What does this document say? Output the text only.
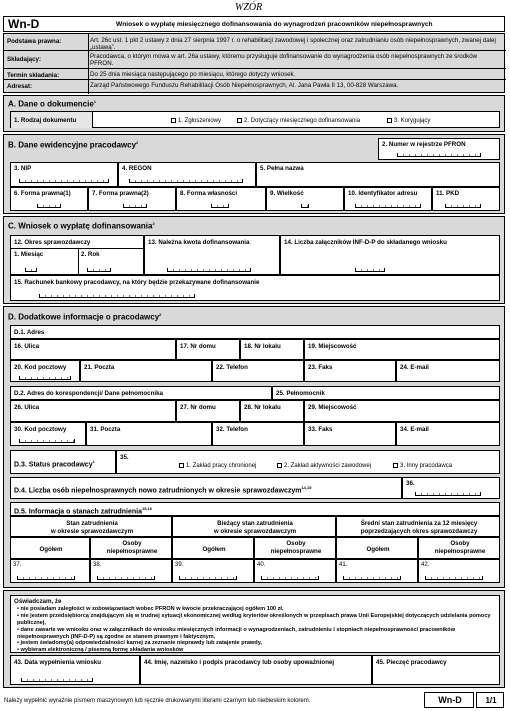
WZÓR
Wn-D	Wniosek o wypłatę miesięcznego dofinansowania do wynagrodzeń pracowników niepełnosprawnych
Podstawa prawna:	Art. 26c ust. 1 pkt 2 ustawy z dnia 27 sierpnia 1997 r. o rehabilitacji zawodowej i społecznej oraz zatrudnianiu osób niepełnosprawnych, zwanej dalej „ustawą”.
Składający:	Pracodawca, o którym mowa w art. 26a ustawy, któremu przysługuje dofinansowanie do wynagrodzenia osób niepełnosprawnych ze środków PFRON.
Termin składania:	Do 25 dnia miesiąca następującego po miesiącu, którego dotyczy wniosek.
Adresat:	Zarząd Państwowego Funduszu Rehabilitacji Osób Niepełnosprawnych, Al. Jana Pawła II 13, 00-828 Warszawa.
A. Dane o dokumencie$^1$
1. Rodzaj dokumentu	1. Zgłoszeniowy	2. Dotyczący miesięcznego dofinansowania	3. Korygujący
B. Dane ewidencyjne pracodawcy$^2$	2. Numer w rejestrze PFRON
3. NIP	4. REGON	5. Pełna nazwa
6. Forma prawna(1)	7. Forma prawna(2)	8. Forma własności	9. Wielkość	10. Identyfikator adresu	11. PKD
C. Wniosek o wypłatę dofinansowania$^2$
12. Okres sprawozdawczy
1. Miesiąc	2. Rok
13. Należna kwota dofinansowania	14. Liczba załączników INF-D-P do składanego wniosku
15. Rachunek bankowy pracodawcy, na który będzie przekazywane dofinansowanie
D. Dodatkowe informacje o pracodawcy$^2$
D.1. Adres
16. Ulica	17. Nr domu	18. Nr lokalu	19. Miejscowość
20. Kod pocztowy	21. Poczta	22. Telefon	23. Faks	24. E-mail
D.2. Adres do korespondencji/ Dane pełnomocnika	25. Pełnomocnik
26. Ulica	27. Nr domu	28. Nr lokalu	29. Miejscowość
30. Kod pocztowy	31. Poczta	32. Telefon	33. Faks	34. E-mail
D.3. Status pracodawcy$^1$
35.
1. Zakład pracy chronionej	2. Zakład aktywności zawodowej	3. Inny pracodawca
D.4. Liczba osób niepełnosprawnych nowo zatrudnionych w okresie sprawozdawczym$^{14,15}$
36.
D.5. Informacja o stanach zatrudnienia$^{15,16}$
Stan zatrudnienia
w okresie sprawozdawczym
Bieżący stan zatrudnienia
w okresie sprawozdawczym
Średni stan zatrudnienia za 12 miesięcy
poprzedzających okres sprawozdawczy
Ogółem
Osoby
niepełnosprawne	Ogółem
Osoby
niepełnosprawne	Ogółem
Osoby
niepełnosprawne
37.	38.	39.	40.	41.	42.
Oświadczam, że
• nie posiadam zaległości w zobowiązaniach wobec PFRON w kwocie przekraczającej ogółem 100 zł,
• nie jestem przedsiębiorcą znajdującym się w trudnej sytuacji ekonomicznej według kryteriów określonych w przepisach prawa Unii Europejskiej dotyczących udzielania pomocy publicznej,
• dane zawarte we wniosku oraz w załącznikach do wniosku miesięcznych informacji o wynagrodzeniach, zatrudnieniu i stopniach niepełnosprawności pracowników niepełnosprawnych (INF-D-P) są zgodne ze stanem prawnym i faktycznym,
• jestem świadomy(a) odpowiedzialności karnej za zeznanie nieprawdy lub zatajenie prawdy,
• wybieram elektroniczną / pisemną formę składania wniosków
43. Data wypełnienia wniosku	44. Imię, nazwisko i podpis pracodawcy lub osoby upoważnionej	45. Pieczęć pracodawcy
Należy wypełnić wyraźnie pismem maszynowym lub ręcznie drukowanymi literami czarnym lub niebieskim kolorem.	Wn-D	1/1
